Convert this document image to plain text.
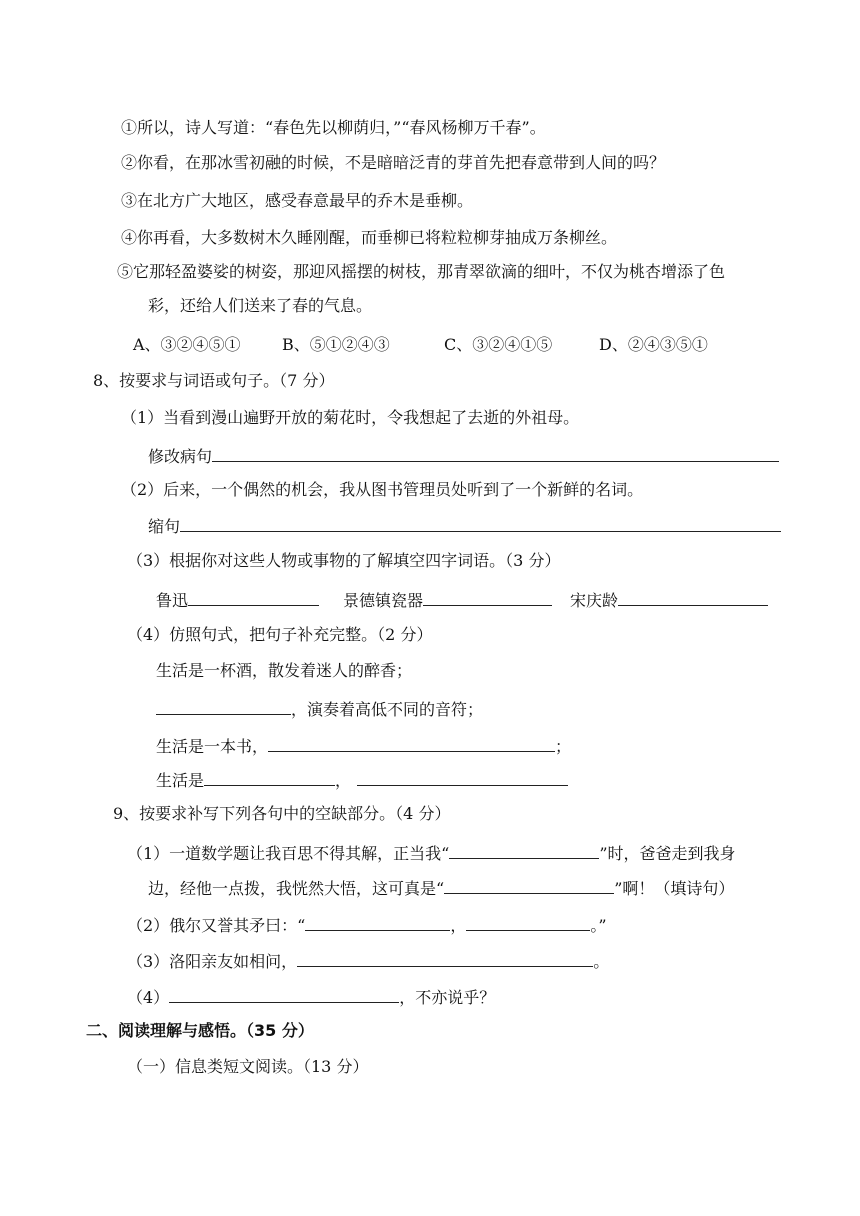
①所以，诗人写道：“春色先以柳荫归，”“春风杨柳万千春”。
②你看，在那冰雪初融的时候，不是暗暗泛青的芽首先把春意带到人间的吗？
③在北方广大地区，感受春意最早的乔木是垂柳。
④你再看，大多数树木久睡刚醒，而垂柳已将粒粒柳芽抽成万条柳丝。
⑤它那轻盈婆娑的树姿，那迎风摇摆的树枝，那青翠欲滴的细叶，不仅为桃杏增添了色
彩，还给人们送来了春的气息。
A、③②④⑤①	B、⑤①②④③	C、③②④①⑤	D、②④③⑤①
8、按要求与词语或句子。（7 分）
（1）当看到漫山遍野开放的菊花时，令我想起了去逝的外祖母。
修改病句
（2）后来，一个偶然的机会，我从图书管理员处听到了一个新鲜的名词。
缩句
（3）根据你对这些人物或事物的了解填空四字词语。（3 分）
鲁迅	景德镇瓷器	宋庆龄
（4）仿照句式，把句子补充完整。（2 分）
生活是一杯酒，散发着迷人的醉香；
，演奏着高低不同的音符；
生活是一本书，	；
生活是	，
9、按要求补写下列各句中的空缺部分。（4 分）
（1）一道数学题让我百思不得其解，正当我“	”时，爸爸走到我身
边，经他一点拨，我恍然大悟，这可真是“	”啊！（填诗句）
（2）俄尔又誉其矛曰：“	，	。”
（3）洛阳亲友如相问，	。
（4）	，不亦说乎？
二、阅读理解与感悟。（35 分）
（一）信息类短文阅读。（13 分）
